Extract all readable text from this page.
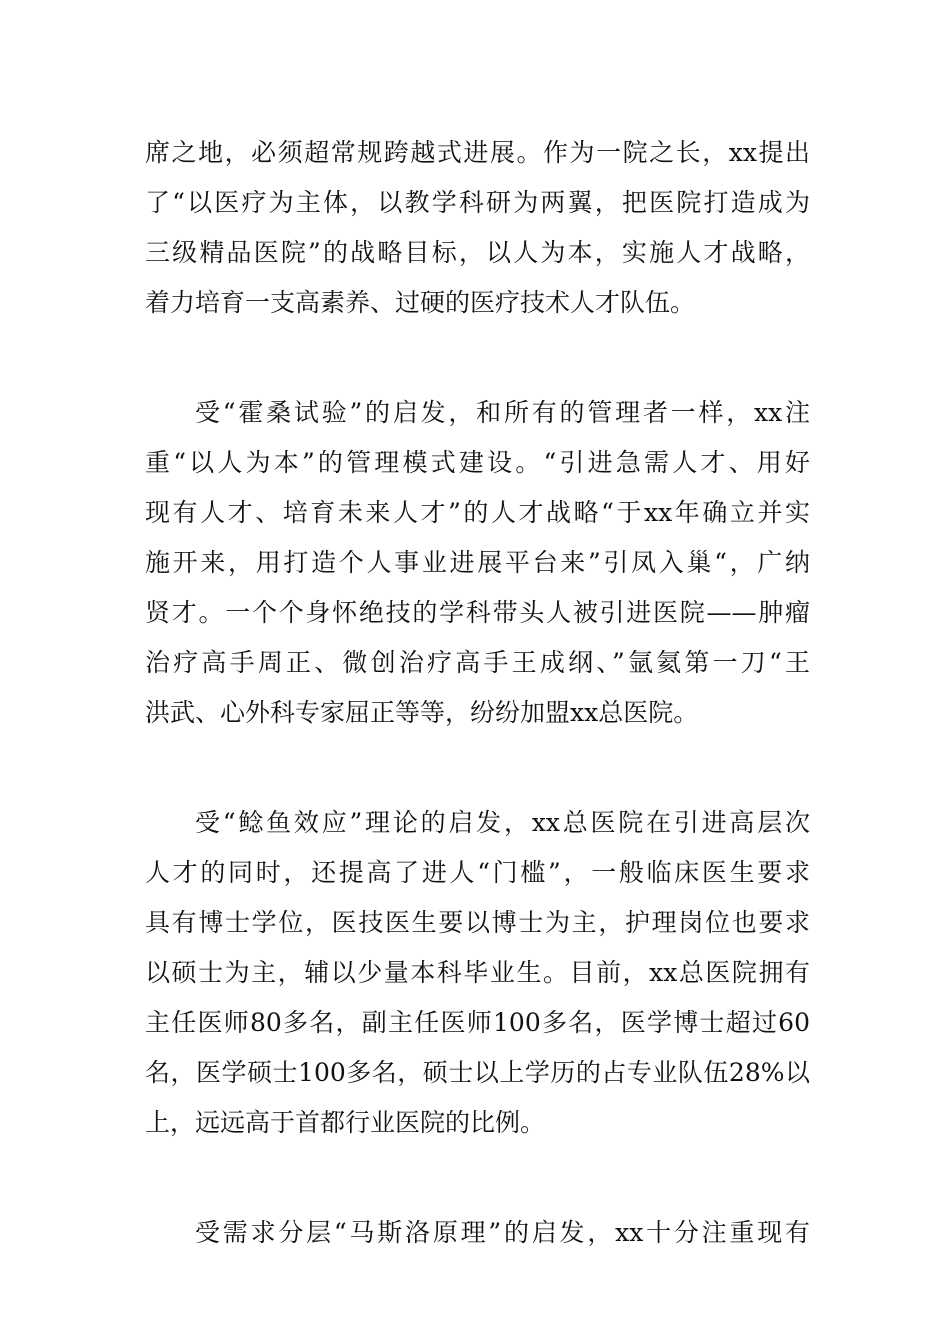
席之地，必须超常规跨越式进展。作为一院之长，xx提出
了“以医疗为主体，以教学科研为两翼，把医院打造成为
三级精品医院”的战略目标，以人为本，实施人才战略，
着力培育一支高素养、过硬的医疗技术人才队伍。
受“霍桑试验”的启发，和所有的管理者一样，xx注
重“以人为本”的管理模式建设。“引进急需人才、用好
现有人才、培育未来人才”的人才战略“于xx年确立并实
施开来，用打造个人事业进展平台来”引凤入巢“，广纳
贤才。一个个身怀绝技的学科带头人被引进医院——肿瘤
治疗高手周正、微创治疗高手王成纲、”氩氦第一刀“王
洪武、心外科专家屈正等等，纷纷加盟xx总医院。
受“鲶鱼效应”理论的启发，xx总医院在引进高层次
人才的同时，还提高了进人“门槛”，一般临床医生要求
具有博士学位，医技医生要以博士为主，护理岗位也要求
以硕士为主，辅以少量本科毕业生。目前，xx总医院拥有
主任医师80多名，副主任医师100多名，医学博士超过60
名，医学硕士100多名，硕士以上学历的占专业队伍28%以
上，远远高于首都行业医院的比例。
受需求分层“马斯洛原理”的启发，xx十分注重现有
